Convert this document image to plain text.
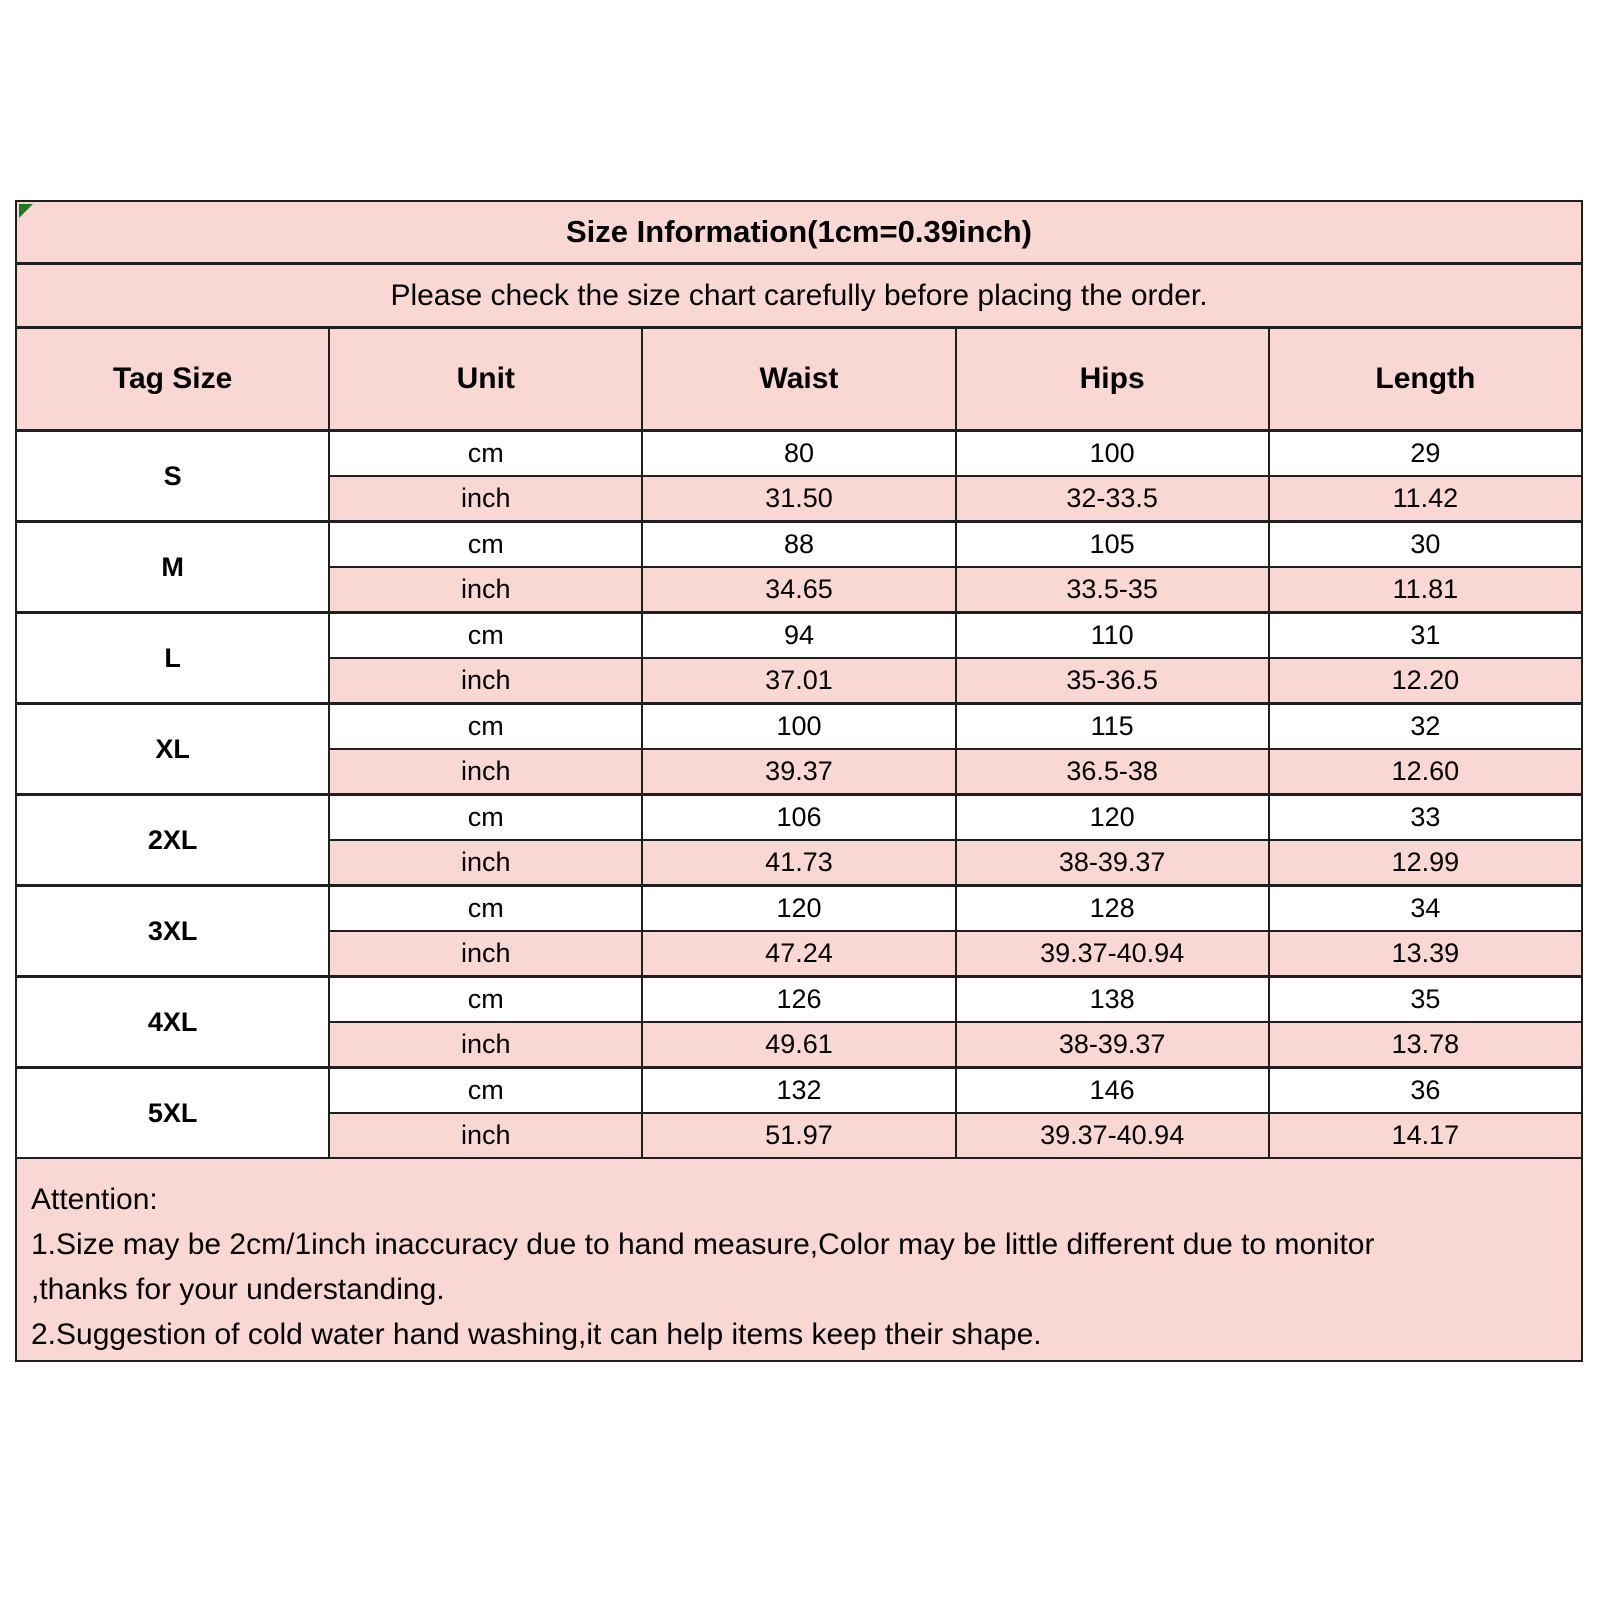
Size Information(1cm=0.39inch)				
Please check the size chart carefully before placing the order.				
Tag Size	Unit	Waist	Hips	Length
S	cm	80	100	29
	inch	31.50	32-33.5	11.42
M	cm	88	105	30
	inch	34.65	33.5-35	11.81
L	cm	94	110	31
	inch	37.01	35-36.5	12.20
XL	cm	100	115	32
	inch	39.37	36.5-38	12.60
2XL	cm	106	120	33
	inch	41.73	38-39.37	12.99
3XL	cm	120	128	34
	inch	47.24	39.37-40.94	13.39
4XL	cm	126	138	35
	inch	49.61	38-39.37	13.78
5XL	cm	132	146	36
	inch	51.97	39.37-40.94	14.17
Attention:
1.Size may be 2cm/1inch inaccuracy due to hand measure,Color may be little different due to monitor
,thanks for your understanding.
2.Suggestion of cold water hand washing,it can help items keep their shape.
